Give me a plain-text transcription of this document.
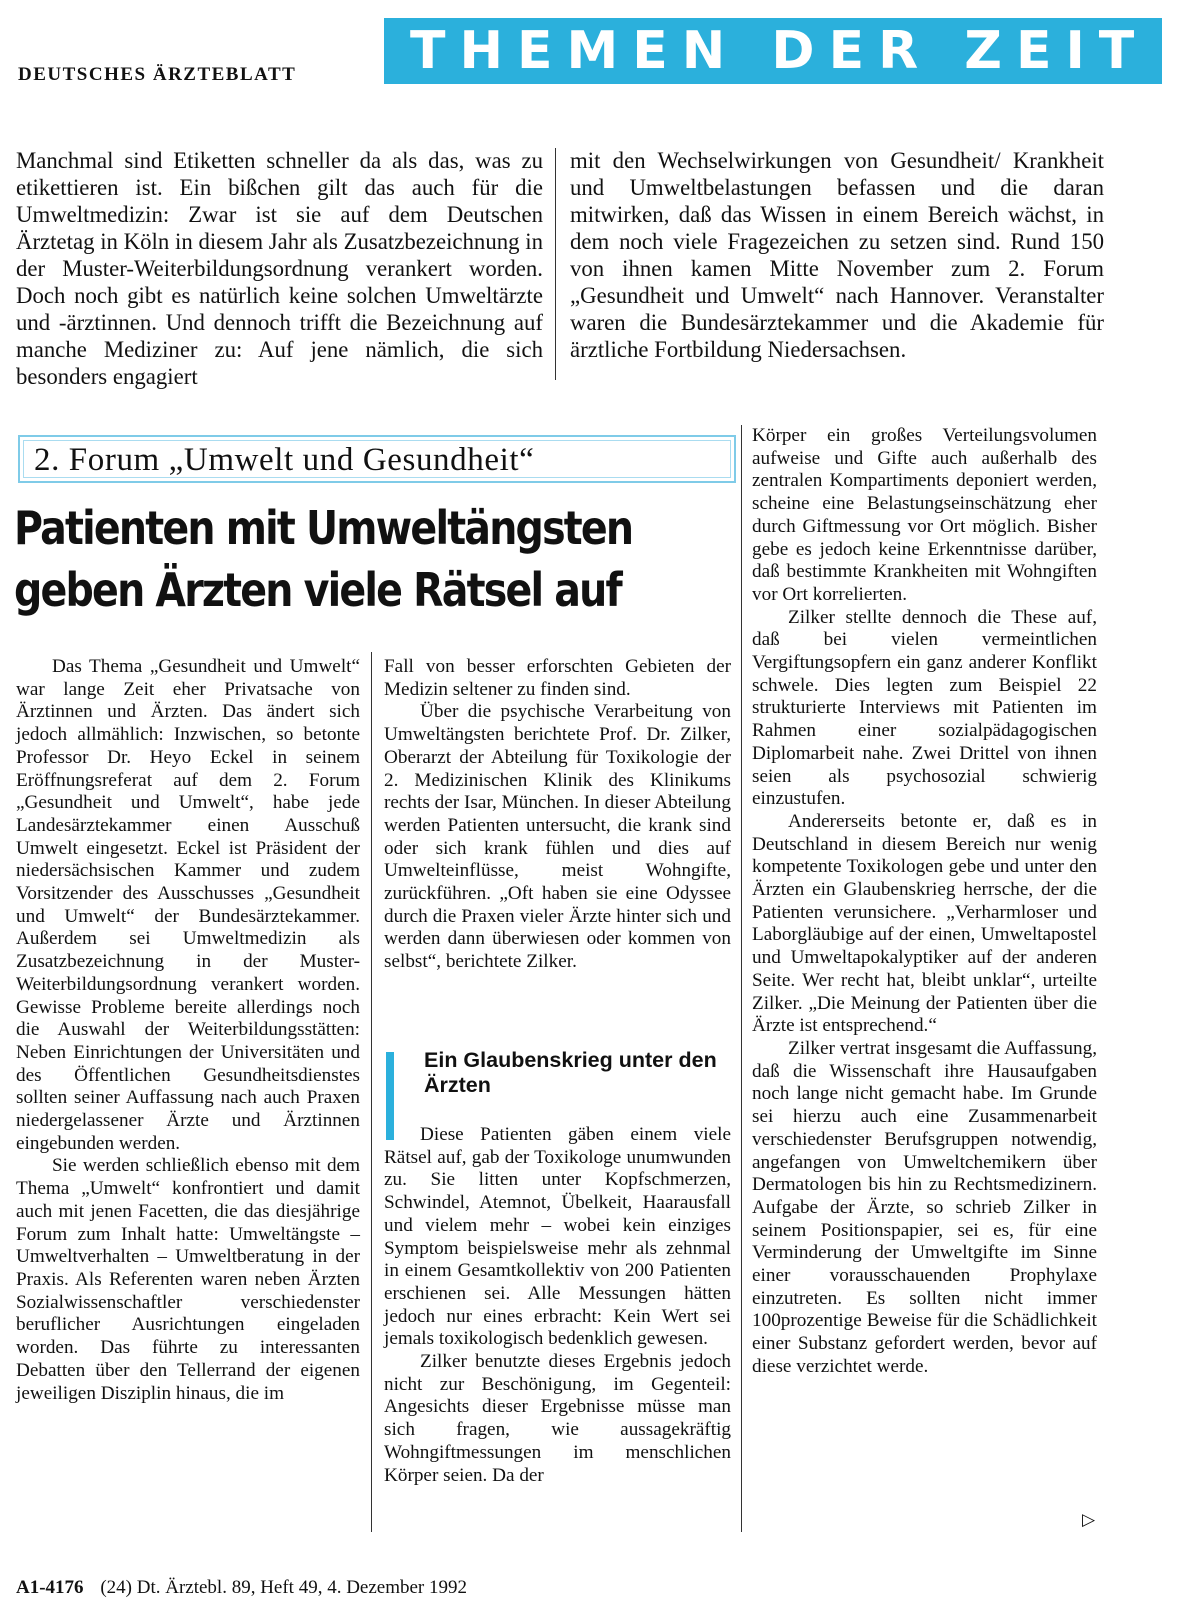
DEUTSCHES ÄRZTEBLATT THEMEN DER ZEIT

Manchmal sind Etiketten schneller da als das, was zu etikettieren ist. Ein bißchen gilt das auch für die Umweltmedizin: Zwar ist sie auf dem Deutschen Ärztetag in Köln in diesem Jahr als Zusatzbezeichnung in der Muster-Weiterbildungsordnung verankert worden. Doch noch gibt es natürlich keine solchen Umweltärzte und -ärztinnen. Und dennoch trifft die Bezeichnung auf manche Mediziner zu: Auf jene nämlich, die sich besonders engagiert

mit den Wechselwirkungen von Gesundheit/ Krankheit und Umweltbelastungen befassen und die daran mitwirken, daß das Wissen in einem Bereich wächst, in dem noch viele Fragezeichen zu setzen sind. Rund 150 von ihnen kamen Mitte November zum 2. Forum „Gesundheit und Umwelt“ nach Hannover. Veranstalter waren die Bundesärztekammer und die Akademie für ärztliche Fortbildung Niedersachsen.

2. Forum „Umwelt und Gesundheit“
Patienten mit Umweltängsten
geben Ärzten viele Rätsel auf

Das Thema „Gesundheit und Umwelt“ war lange Zeit eher Privatsache von Ärztinnen und Ärzten. Das ändert sich jedoch allmählich: Inzwischen, so betonte Professor Dr. Heyo Eckel in seinem Eröffnungsreferat auf dem 2. Forum „Gesundheit und Umwelt“, habe jede Landesärztekammer einen Ausschuß Umwelt eingesetzt. Eckel ist Präsident der niedersächsischen Kammer und zudem Vorsitzender des Ausschusses „Gesundheit und Umwelt“ der Bundesärztekammer. Außerdem sei Umweltmedizin als Zusatzbezeichnung in der Muster-Weiterbildungsordnung verankert worden. Gewisse Probleme bereite allerdings noch die Auswahl der Weiterbildungsstätten: Neben Einrichtungen der Universitäten und des Öffentlichen Gesundheitsdienstes sollten seiner Auffassung nach auch Praxen niedergelassener Ärzte und Ärztinnen eingebunden werden.

Sie werden schließlich ebenso mit dem Thema „Umwelt“ konfrontiert und damit auch mit jenen Facetten, die das diesjährige Forum zum Inhalt hatte: Umweltängste – Umweltverhalten – Umweltberatung in der Praxis. Als Referenten waren neben Ärzten Sozialwissenschaftler verschiedenster beruflicher Ausrichtungen eingeladen worden. Das führte zu interessanten Debatten über den Tellerrand der eigenen jeweiligen Disziplin hinaus, die im

Fall von besser erforschten Gebieten der Medizin seltener zu finden sind.

Über die psychische Verarbeitung von Umweltängsten berichtete Prof. Dr. Zilker, Oberarzt der Abteilung für Toxikologie der 2. Medizinischen Klinik des Klinikums rechts der Isar, München. In dieser Abteilung werden Patienten untersucht, die krank sind oder sich krank fühlen und dies auf Umwelteinflüsse, meist Wohngifte, zurückführen. „Oft haben sie eine Odyssee durch die Praxen vieler Ärzte hinter sich und werden dann überwiesen oder kommen von selbst“, berichtete Zilker.

Ein Glaubenskrieg unter den Ärzten

Diese Patienten gäben einem viele Rätsel auf, gab der Toxikologe unumwunden zu. Sie litten unter Kopfschmerzen, Schwindel, Atemnot, Übelkeit, Haarausfall und vielem mehr – wobei kein einziges Symptom beispielsweise mehr als zehnmal in einem Gesamtkollektiv von 200 Patienten erschienen sei. Alle Messungen hätten jedoch nur eines erbracht: Kein Wert sei jemals toxikologisch bedenklich gewesen.

Zilker benutzte dieses Ergebnis jedoch nicht zur Beschönigung, im Gegenteil: Angesichts dieser Ergebnisse müsse man sich fragen, wie aussagekräftig Wohngiftmessungen im menschlichen Körper seien. Da der

Körper ein großes Verteilungsvolumen aufweise und Gifte auch außerhalb des zentralen Kompartiments deponiert werden, scheine eine Belastungseinschätzung eher durch Giftmessung vor Ort möglich. Bisher gebe es jedoch keine Erkenntnisse darüber, daß bestimmte Krankheiten mit Wohngiften vor Ort korrelierten.

Zilker stellte dennoch die These auf, daß bei vielen vermeintlichen Vergiftungsopfern ein ganz anderer Konflikt schwele. Dies legten zum Beispiel 22 strukturierte Interviews mit Patienten im Rahmen einer sozialpädagogischen Diplomarbeit nahe. Zwei Drittel von ihnen seien als psychosozial schwierig einzustufen.

Andererseits betonte er, daß es in Deutschland in diesem Bereich nur wenig kompetente Toxikologen gebe und unter den Ärzten ein Glaubenskrieg herrsche, der die Patienten verunsichere. „Verharmloser und Laborgläubige auf der einen, Umweltapostel und Umweltapokalyptiker auf der anderen Seite. Wer recht hat, bleibt unklar“, urteilte Zilker. „Die Meinung der Patienten über die Ärzte ist entsprechend.“

Zilker vertrat insgesamt die Auffassung, daß die Wissenschaft ihre Hausaufgaben noch lange nicht gemacht habe. Im Grunde sei hierzu auch eine Zusammenarbeit verschiedenster Berufsgruppen notwendig, angefangen von Umweltchemikern über Dermatologen bis hin zu Rechtsmedizinern. Aufgabe der Ärzte, so schrieb Zilker in seinem Positionspapier, sei es, für eine Verminderung der Umweltgifte im Sinne einer vorausschauenden Prophylaxe einzutreten. Es sollten nicht immer 100prozentige Beweise für die Schädlichkeit einer Substanz gefordert werden, bevor auf diese verzichtet werde.

▷
A1-4176 (24) Dt. Ärztebl. 89, Heft 49, 4. Dezember 1992
